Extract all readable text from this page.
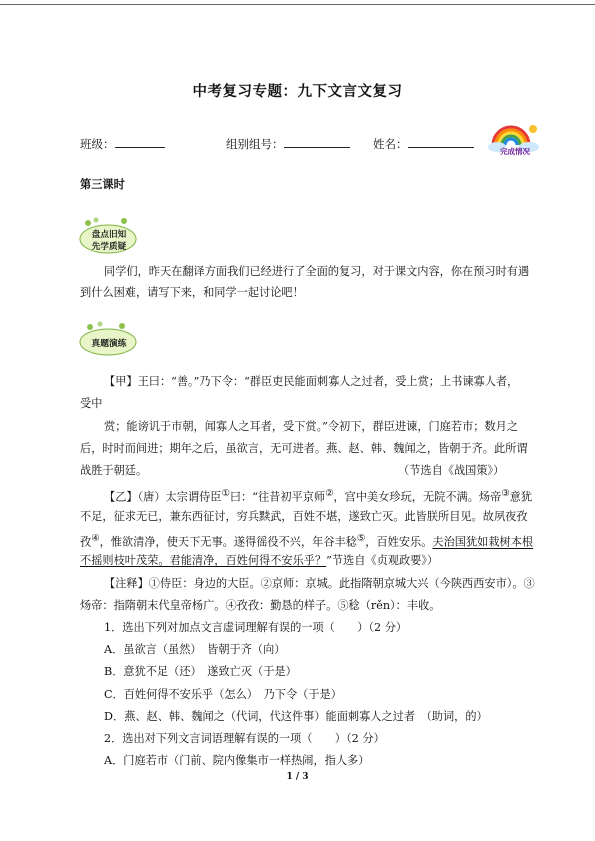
中考复习专题：九下文言文复习
班级：	组别组号：	姓名：
完成情况
第三课时
盘点旧知
先学质疑
同学们，昨天在翻译方面我们已经进行了全面的复习，对于课文内容，你在预习时有遇
到什么困难，请写下来，和同学一起讨论吧！
真题演练
【甲】王曰：“善。”乃下令：“群臣吏民能面刺寡人之过者，受上赏；上书谏寡人者，
受中
赏；能谤讥于市朝，闻寡人之耳者，受下赏。”令初下，群臣进谏，门庭若市；数月之
后，时时而间进；期年之后，虽欲言，无可进者。燕、赵、韩、魏闻之，皆朝于齐。此所谓
战胜于朝廷。	（节选自《战国策》）
【乙】（唐）太宗谓侍臣①曰：“往昔初平京师②，宫中美女珍玩，无院不满。炀帝③意犹
不足，征求无已，兼东西征讨，穷兵黩武，百姓不堪，遂致亡灭。此皆朕所目见。故夙夜孜
孜④，惟欲清净，使天下无事。遂得徭役不兴，年谷丰稔⑤，百姓安乐。夫治国犹如栽树本根
不摇则枝叶茂荣。君能清净，百姓何得不安乐乎？”节选自《贞观政要》）
【注释】①侍臣：身边的大臣。②京师：京城。此指隋朝京城大兴（今陕西西安市）。③
炀帝：指隋朝末代皇帝杨广。④孜孜：勤恳的样子。⑤稔（rěn）：丰收。
1．选出下列对加点文言虚词理解有误的一项（　　）（2 分）
A．虽欲言（虽然）　皆朝于齐（向）
B．意犹不足（还）　遂致亡灭（于是）
C．百姓何得不安乐乎（怎么）　乃下令（于是）
D．燕、赵、韩、魏闻之（代词，代这件事）能面刺寡人之过者　（助词，的）
2．选出对下列文言词语理解有误的一项（　　）（2 分）
A．门庭若市（门前、院内像集市一样热闹，指人多）
1 / 3
